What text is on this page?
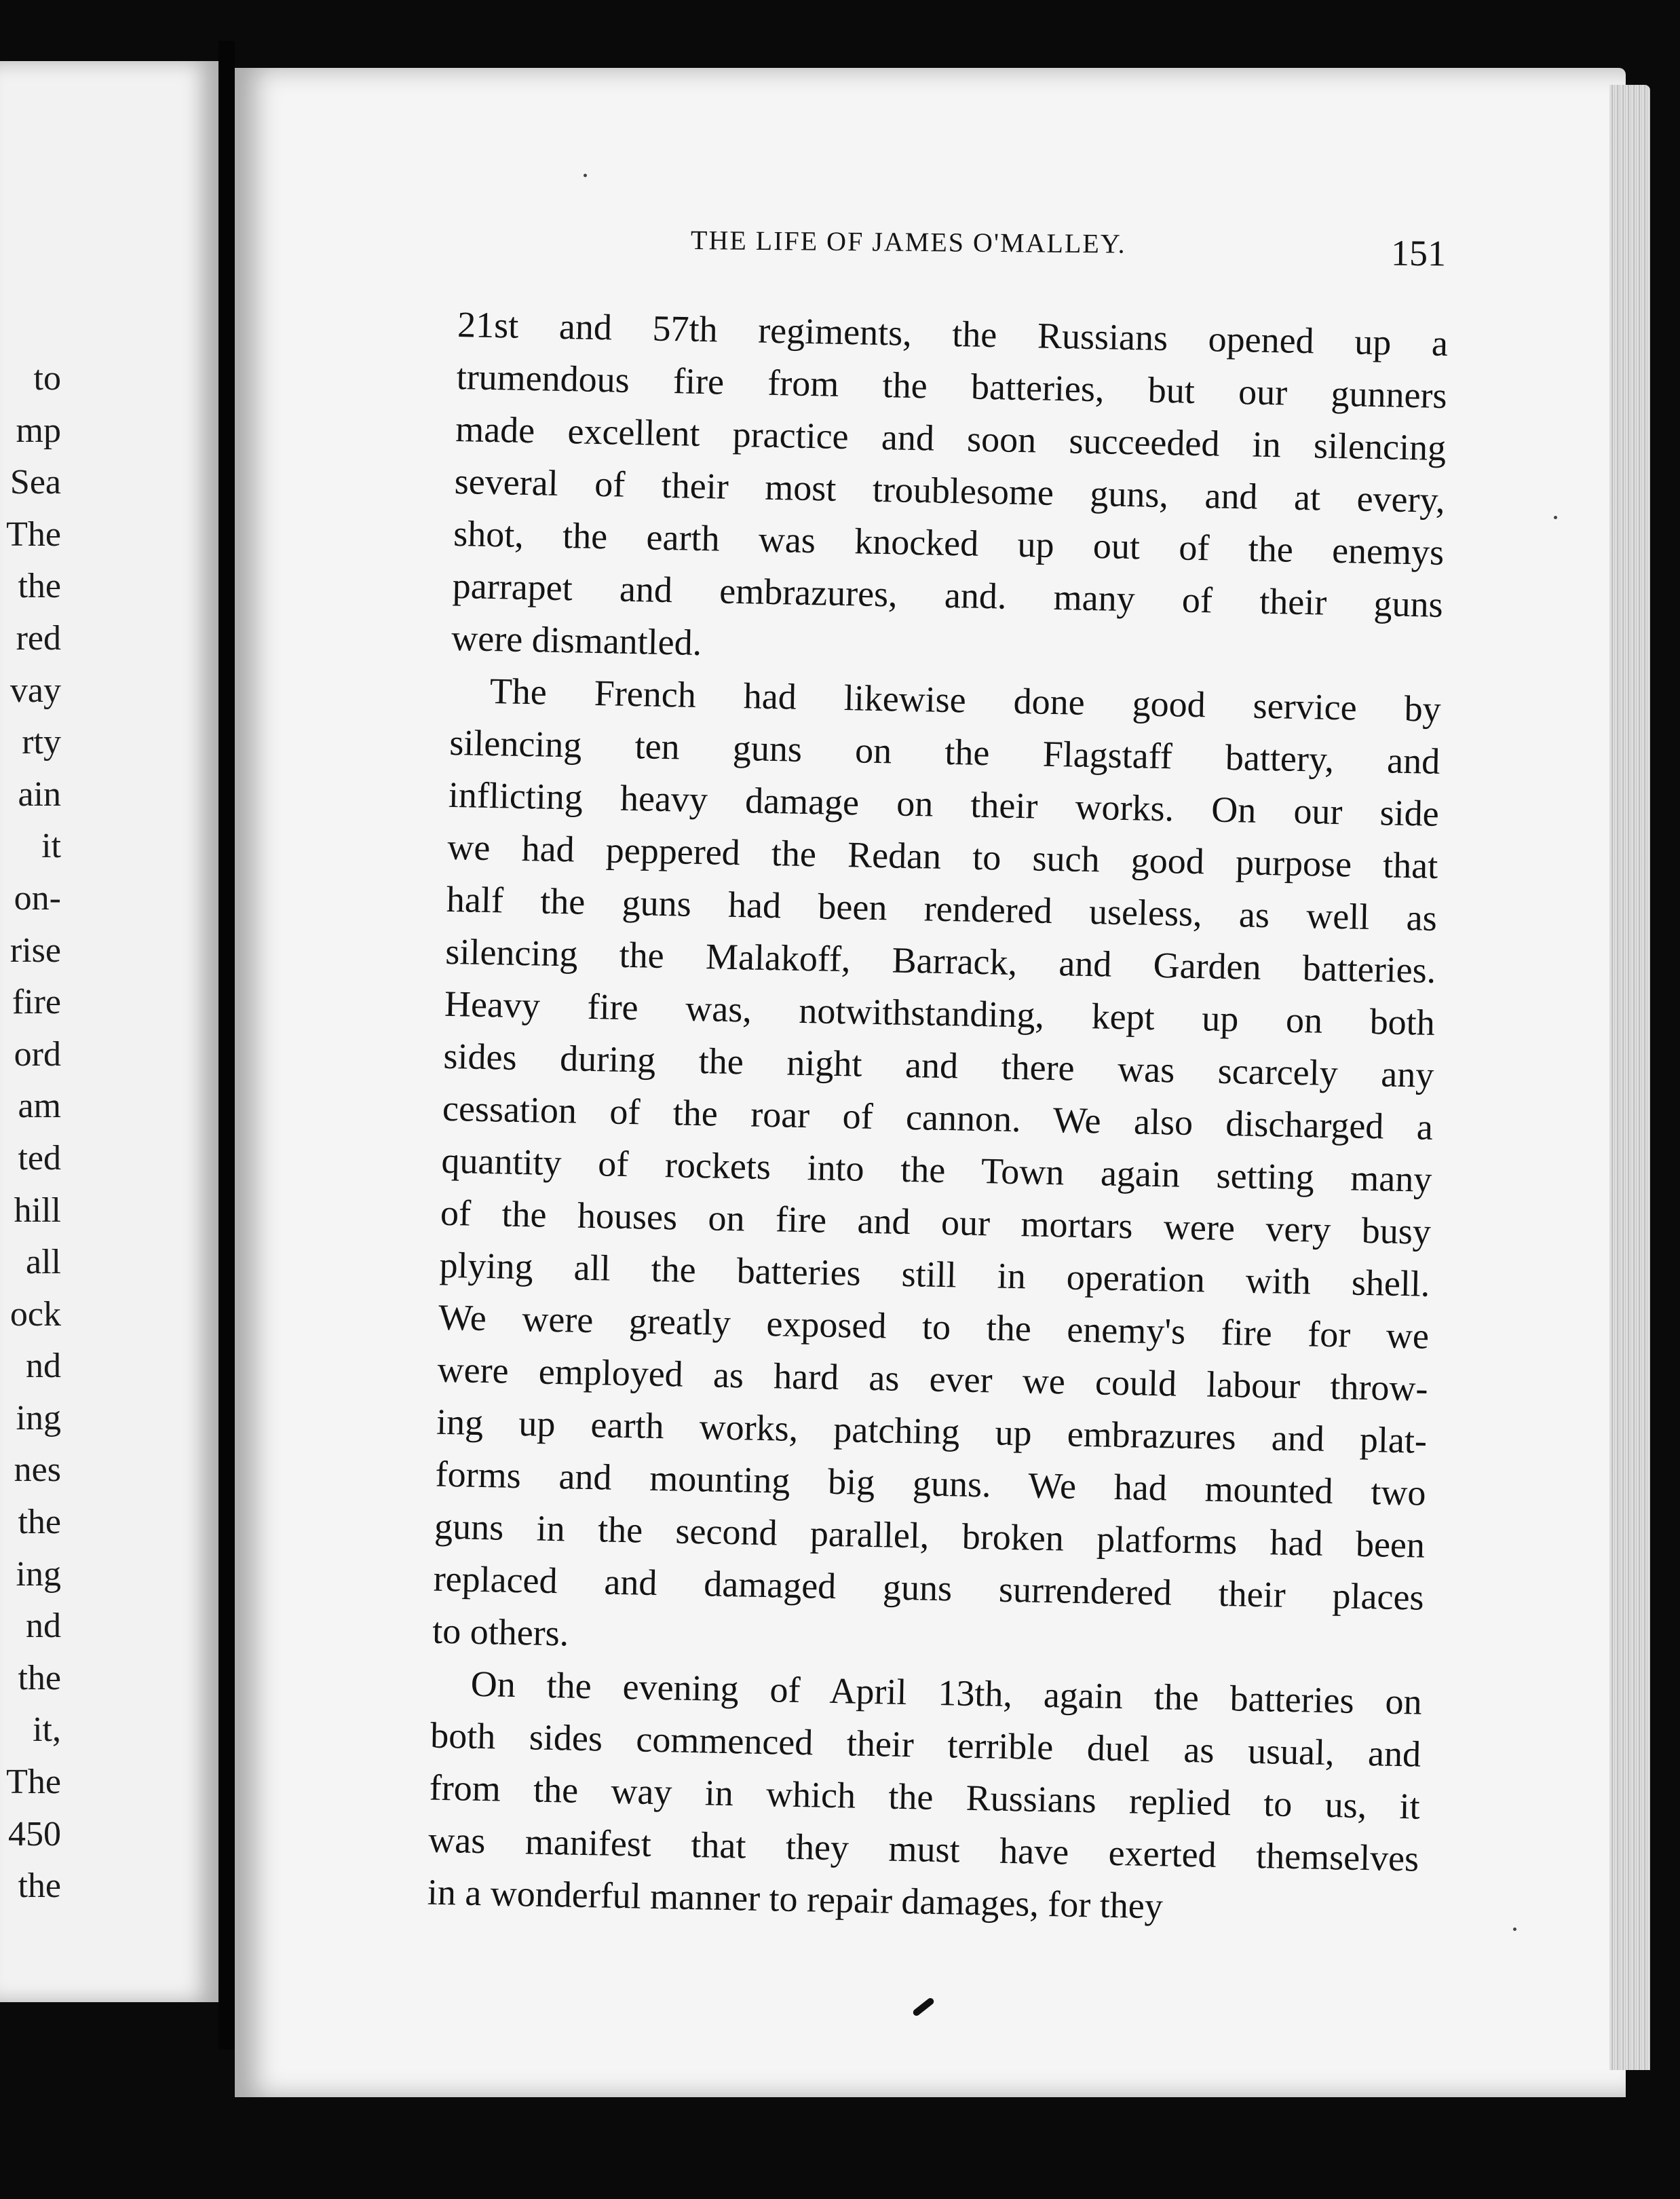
to
mp
Sea
The
the
red
vay
rty
ain
it
on-
rise
fire
ord
am
ted
hill
all
ock
nd
ing
nes
the
ing
nd
the
it,
The
450
the
THE LIFE OF JAMES O'MALLEY.	151
21st and 57th regiments, the Russians opened up a
trumendous fire from the batteries, but our gunners
made excellent practice and soon succeeded in silencing
several of their most troublesome guns, and at every,
shot, the earth was knocked up out of the enemys
parrapet and embrazures, and. many of their guns
were dismantled.
The French had likewise done good service by
silencing ten guns on the Flagstaff battery, and
inflicting heavy damage on their works. On our side
we had peppered the Redan to such good purpose that
half the guns had been rendered useless, as well as
silencing the Malakoff, Barrack, and Garden batteries.
Heavy fire was, notwithstanding, kept up on both
sides during the night and there was scarcely any
cessation of the roar of cannon. We also discharged a
quantity of rockets into the Town again setting many
of the houses on fire and our mortars were very busy
plying all the batteries still in operation with shell.
We were greatly exposed to the enemy's fire for we
were employed as hard as ever we could labour throw-
ing up earth works, patching up embrazures and plat-
forms and mounting big guns. We had mounted two
guns in the second parallel, broken platforms had been
replaced and damaged guns surrendered their places
to others.
On the evening of April 13th, again the batteries on
both sides commenced their terrible duel as usual, and
from the way in which the Russians replied to us, it
was manifest that they must have exerted themselves
in a wonderful manner to repair damages, for they
